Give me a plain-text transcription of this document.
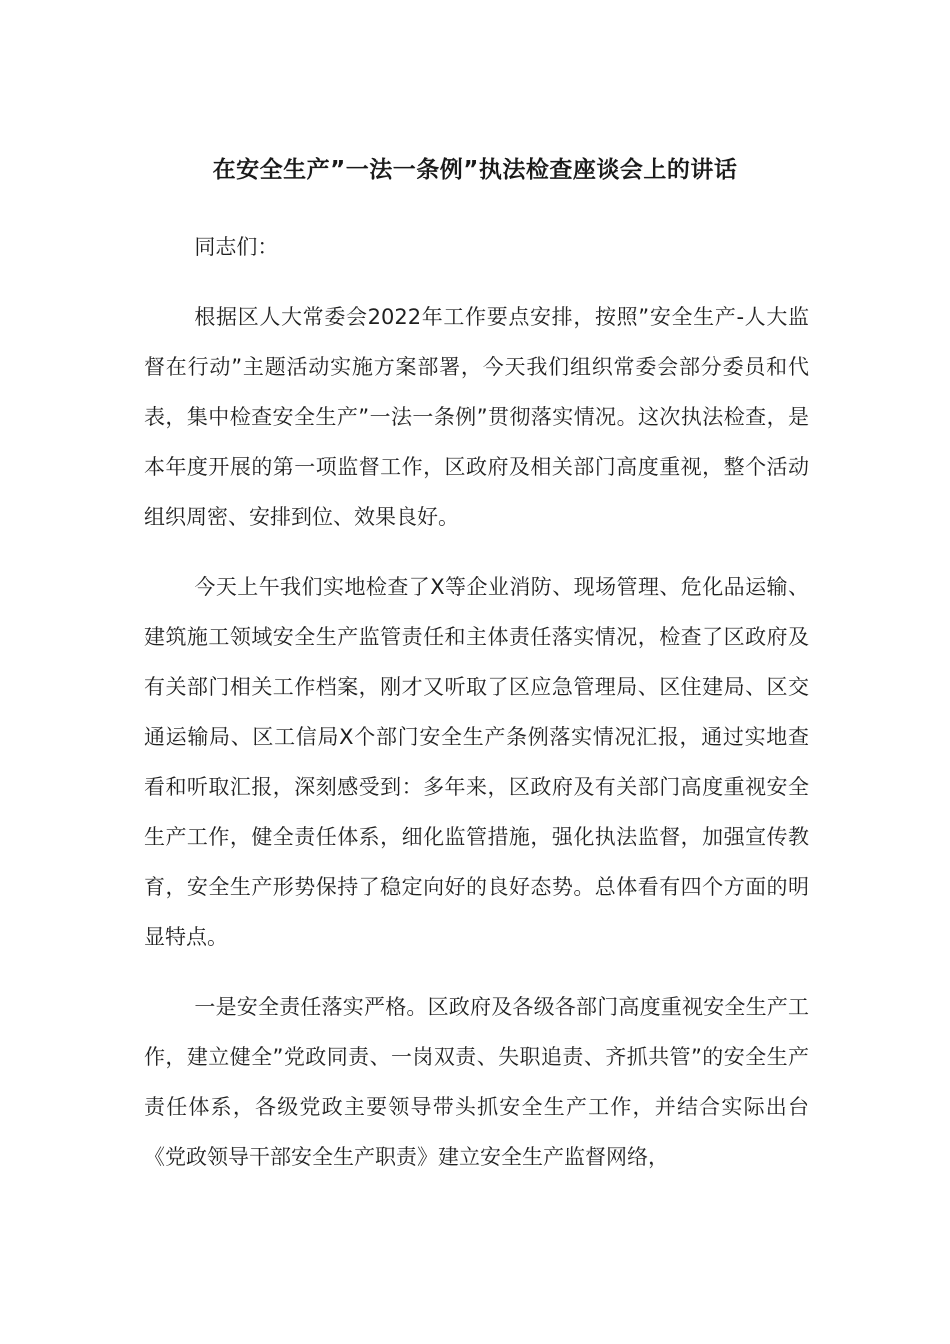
在安全生产”一法一条例”执法检查座谈会上的讲话

同志们：

根据区人大常委会2022年工作要点安排，按照”安全生产-人大监督在行动”主题活动实施方案部署，今天我们组织常委会部分委员和代表，集中检查安全生产”一法一条例”贯彻落实情况。这次执法检查，是本年度开展的第一项监督工作，区政府及相关部门高度重视，整个活动组织周密、安排到位、效果良好。

今天上午我们实地检查了X等企业消防、现场管理、危化品运输、建筑施工领域安全生产监管责任和主体责任落实情况，检查了区政府及有关部门相关工作档案，刚才又听取了区应急管理局、区住建局、区交通运输局、区工信局X个部门安全生产条例落实情况汇报，通过实地查看和听取汇报，深刻感受到：多年来，区政府及有关部门高度重视安全生产工作，健全责任体系，细化监管措施，强化执法监督，加强宣传教育，安全生产形势保持了稳定向好的良好态势。总体看有四个方面的明显特点。

一是安全责任落实严格。区政府及各级各部门高度重视安全生产工作，建立健全”党政同责、一岗双责、失职追责、齐抓共管”的安全生产责任体系，各级党政主要领导带头抓安全生产工作，并结合实际出台《党政领导干部安全生产职责》建立安全生产监督网络，
